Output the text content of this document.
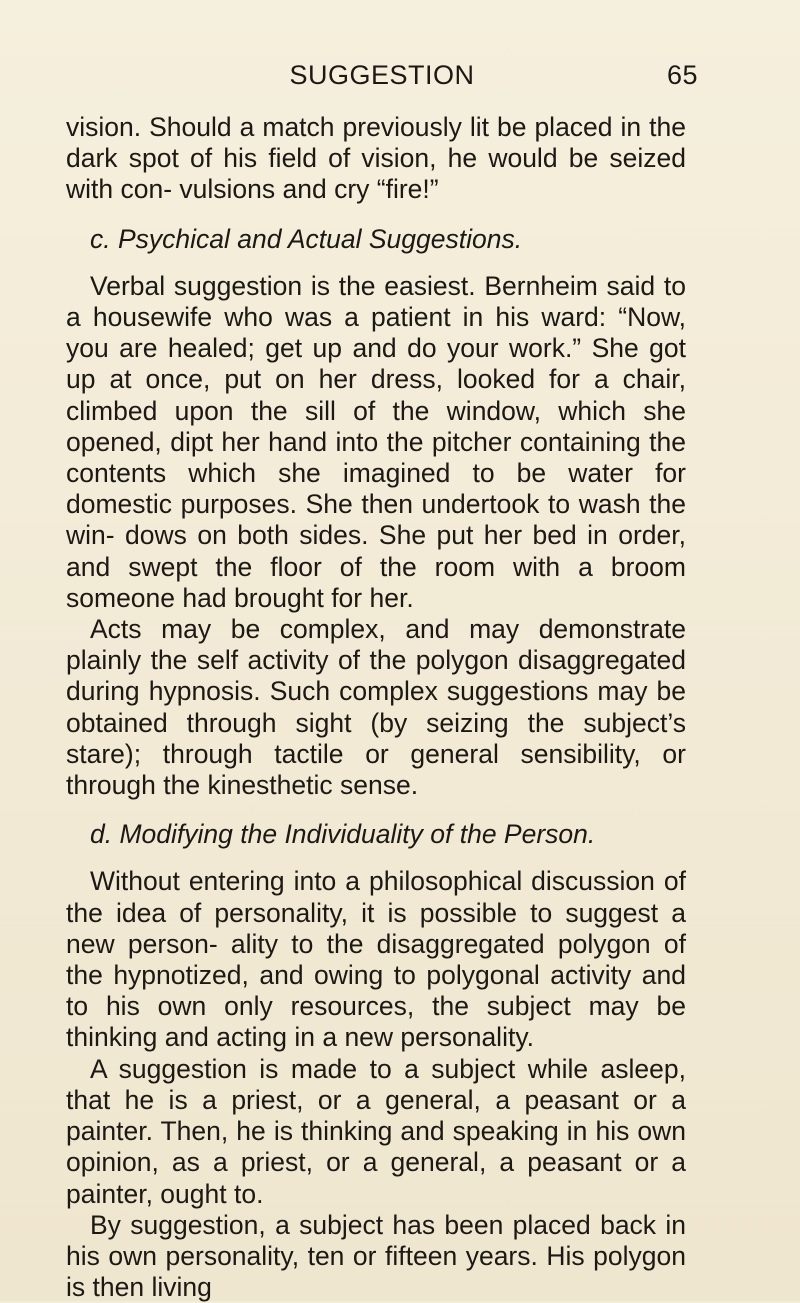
SUGGESTION	65

vision. Should a match previously lit be placed in the dark spot of his field of vision, he would be seized with con- vulsions and cry “fire!”

c. Psychical and Actual Suggestions.

Verbal suggestion is the easiest. Bernheim said to a housewife who was a patient in his ward: “Now, you are healed; get up and do your work.” She got up at once, put on her dress, looked for a chair, climbed upon the sill of the window, which she opened, dipt her hand into the pitcher containing the contents which she imagined to be water for domestic purposes. She then undertook to wash the win- dows on both sides. She put her bed in order, and swept the floor of the room with a broom someone had brought for her.

Acts may be complex, and may demonstrate plainly the self activity of the polygon disaggregated during hypnosis. Such complex suggestions may be obtained through sight (by seizing the subject’s stare); through tactile or general sensibility, or through the kinesthetic sense.

d. Modifying the Individuality of the Person.

Without entering into a philosophical discussion of the idea of personality, it is possible to suggest a new person- ality to the disaggregated polygon of the hypnotized, and owing to polygonal activity and to his own only resources, the subject may be thinking and acting in a new personality.

A suggestion is made to a subject while asleep, that he is a priest, or a general, a peasant or a painter. Then, he is thinking and speaking in his own opinion, as a priest, or a general, a peasant or a painter, ought to.

By suggestion, a subject has been placed back in his own personality, ten or fifteen years. His polygon is then living
